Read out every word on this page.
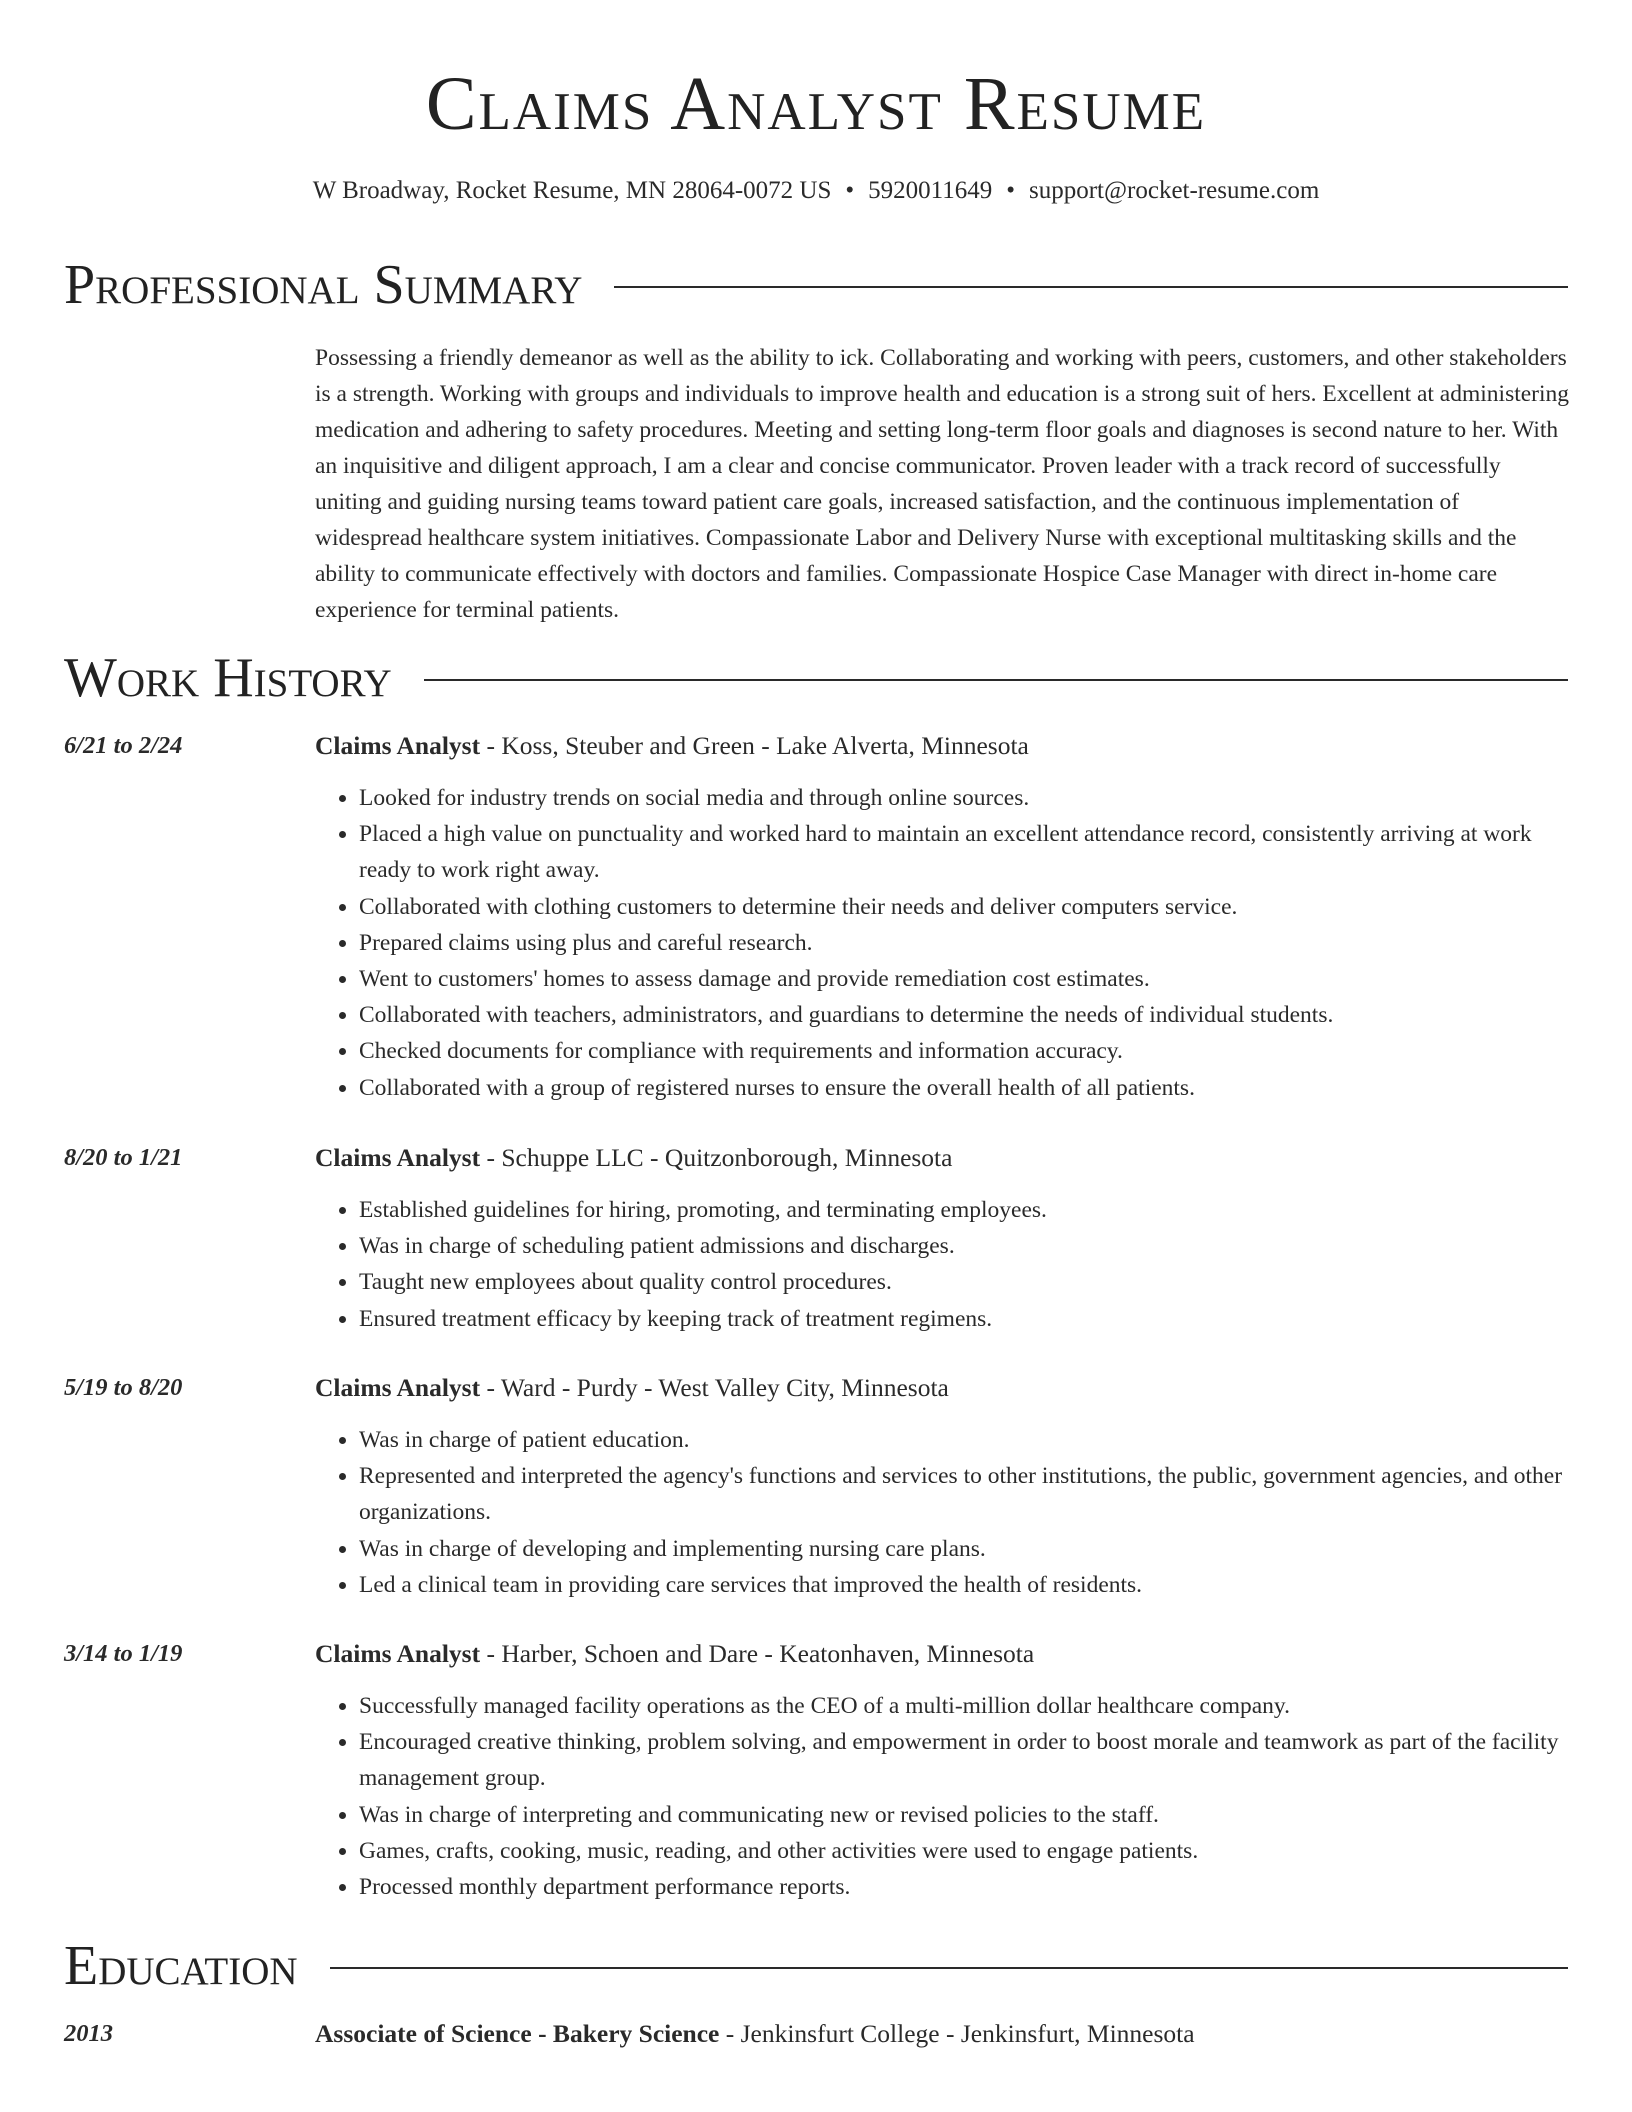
Claims Analyst Resume
W Broadway, Rocket Resume, MN 28064-0072 US • 5920011649 • support@rocket-resume.com
Professional Summary
Possessing a friendly demeanor as well as the ability to ick. Collaborating and working with peers, customers, and other stakeholders is a strength. Working with groups and individuals to improve health and education is a strong suit of hers. Excellent at administering medication and adhering to safety procedures. Meeting and setting long-term floor goals and diagnoses is second nature to her. With an inquisitive and diligent approach, I am a clear and concise communicator. Proven leader with a track record of successfully uniting and guiding nursing teams toward patient care goals, increased satisfaction, and the continuous implementation of widespread healthcare system initiatives. Compassionate Labor and Delivery Nurse with exceptional multitasking skills and the ability to communicate effectively with doctors and families. Compassionate Hospice Case Manager with direct in-home care experience for terminal patients.
Work History
6/21 to 2/24	Claims Analyst - Koss, Steuber and Green - Lake Alverta, Minnesota
• Looked for industry trends on social media and through online sources.
• Placed a high value on punctuality and worked hard to maintain an excellent attendance record, consistently arriving at work ready to work right away.
• Collaborated with clothing customers to determine their needs and deliver computers service.
• Prepared claims using plus and careful research.
• Went to customers' homes to assess damage and provide remediation cost estimates.
• Collaborated with teachers, administrators, and guardians to determine the needs of individual students.
• Checked documents for compliance with requirements and information accuracy.
• Collaborated with a group of registered nurses to ensure the overall health of all patients.
8/20 to 1/21	Claims Analyst - Schuppe LLC - Quitzonborough, Minnesota
• Established guidelines for hiring, promoting, and terminating employees.
• Was in charge of scheduling patient admissions and discharges.
• Taught new employees about quality control procedures.
• Ensured treatment efficacy by keeping track of treatment regimens.
5/19 to 8/20	Claims Analyst - Ward - Purdy - West Valley City, Minnesota
• Was in charge of patient education.
• Represented and interpreted the agency's functions and services to other institutions, the public, government agencies, and other organizations.
• Was in charge of developing and implementing nursing care plans.
• Led a clinical team in providing care services that improved the health of residents.
3/14 to 1/19	Claims Analyst - Harber, Schoen and Dare - Keatonhaven, Minnesota
• Successfully managed facility operations as the CEO of a multi-million dollar healthcare company.
• Encouraged creative thinking, problem solving, and empowerment in order to boost morale and teamwork as part of the facility management group.
• Was in charge of interpreting and communicating new or revised policies to the staff.
• Games, crafts, cooking, music, reading, and other activities were used to engage patients.
• Processed monthly department performance reports.
Education
2013	Associate of Science - Bakery Science - Jenkinsfurt College - Jenkinsfurt, Minnesota
